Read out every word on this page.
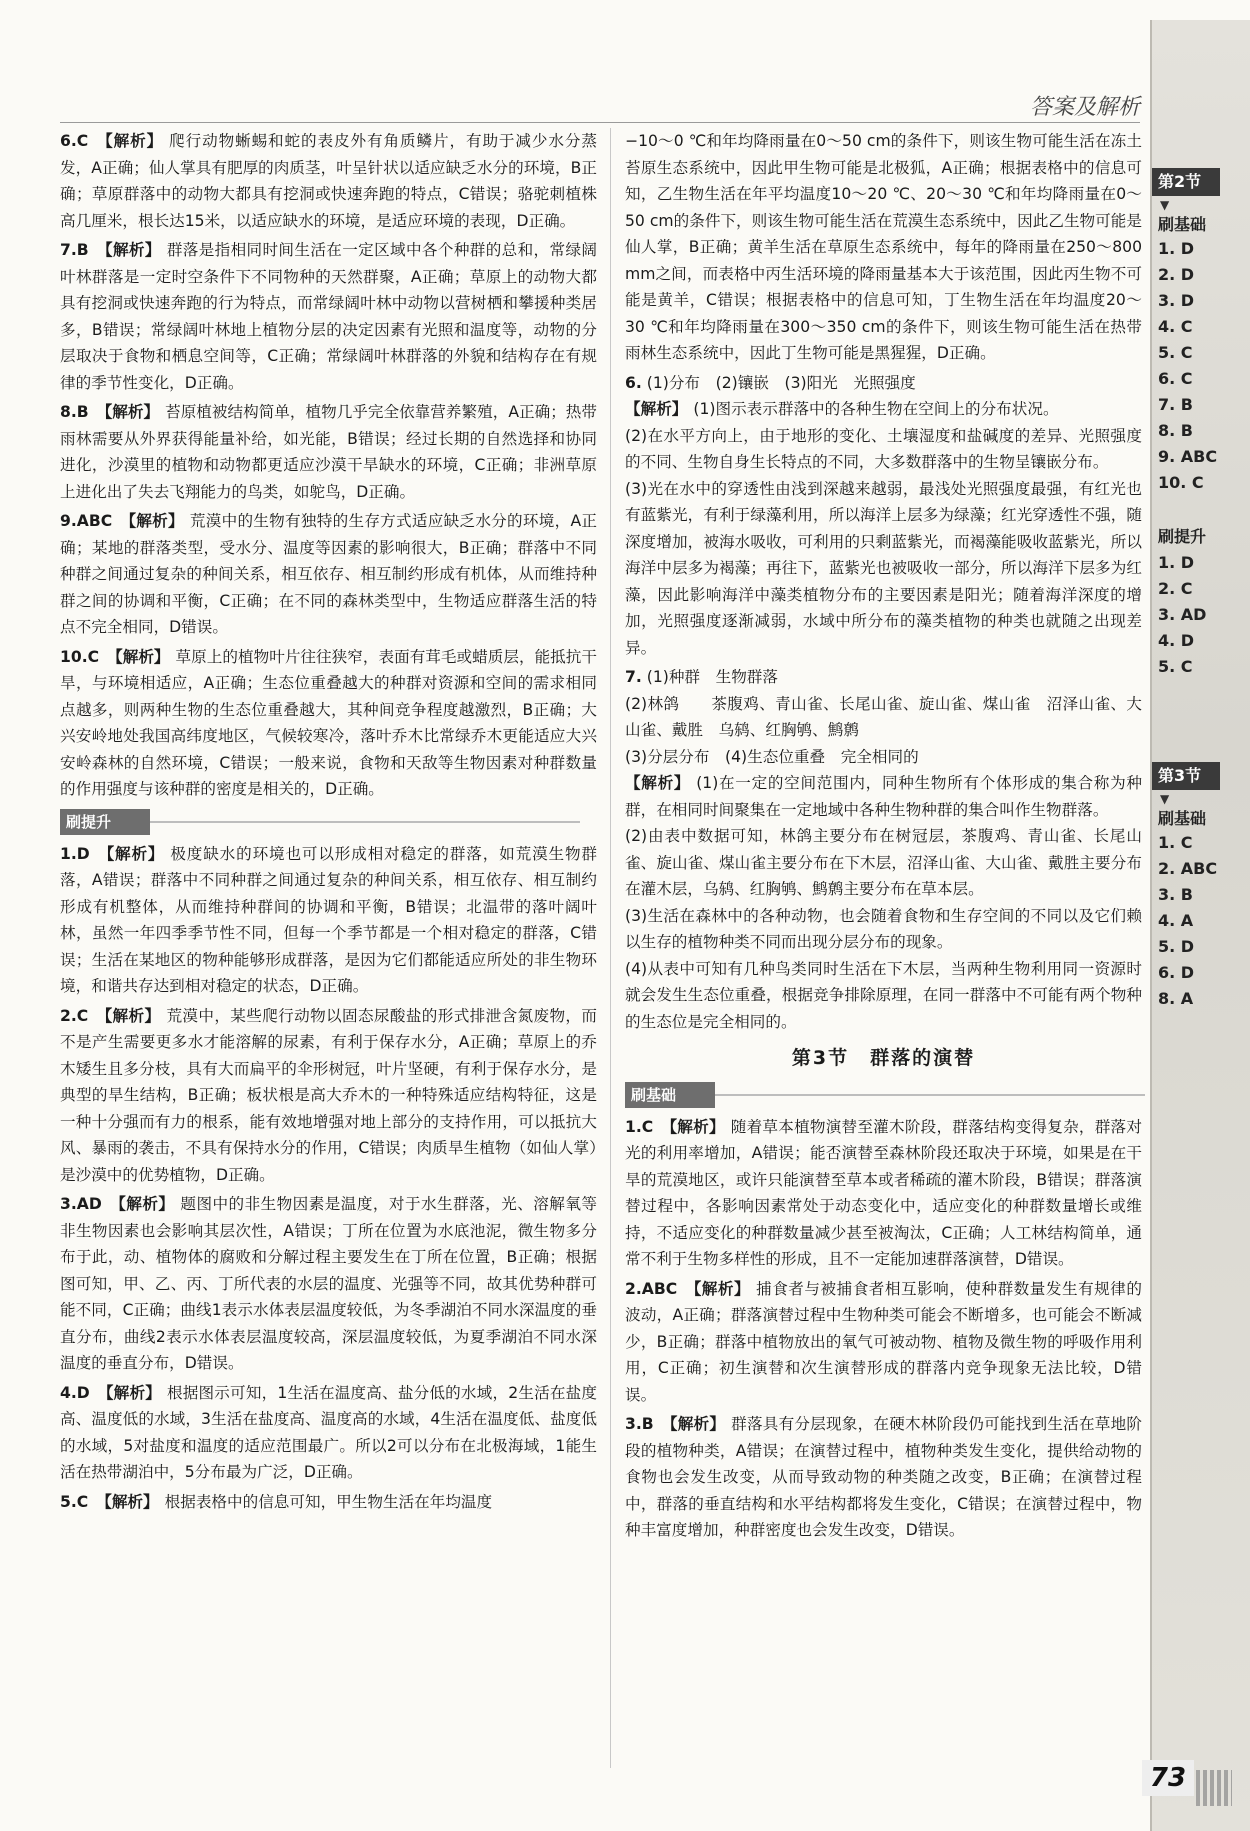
答案及解析
6.C 【解析】 爬行动物蜥蜴和蛇的表皮外有角质鳞片，有助于减少水分蒸发，A正确；仙人掌具有肥厚的肉质茎，叶呈针状以适应缺乏水分的环境，B正确；草原群落中的动物大都具有挖洞或快速奔跑的特点，C错误；骆驼刺植株高几厘米，根长达15米，以适应缺水的环境，是适应环境的表现，D正确。
7.B 【解析】 群落是指相同时间生活在一定区域中各个种群的总和，常绿阔叶林群落是一定时空条件下不同物种的天然群聚，A正确；草原上的动物大都具有挖洞或快速奔跑的行为特点，而常绿阔叶林中动物以营树栖和攀援种类居多，B错误；常绿阔叶林地上植物分层的决定因素有光照和温度等，动物的分层取决于食物和栖息空间等，C正确；常绿阔叶林群落的外貌和结构存在有规律的季节性变化，D正确。
8.B 【解析】 苔原植被结构简单，植物几乎完全依靠营养繁殖，A正确；热带雨林需要从外界获得能量补给，如光能，B错误；经过长期的自然选择和协同进化，沙漠里的植物和动物都更适应沙漠干旱缺水的环境，C正确；非洲草原上进化出了失去飞翔能力的鸟类，如鸵鸟，D正确。
9.ABC 【解析】 荒漠中的生物有独特的生存方式适应缺乏水分的环境，A正确；某地的群落类型，受水分、温度等因素的影响很大，B正确；群落中不同种群之间通过复杂的种间关系，相互依存、相互制约形成有机体，从而维持种群之间的协调和平衡，C正确；在不同的森林类型中，生物适应群落生活的特点不完全相同，D错误。
10.C 【解析】 草原上的植物叶片往往狭窄，表面有茸毛或蜡质层，能抵抗干旱，与环境相适应，A正确；生态位重叠越大的种群对资源和空间的需求相同点越多，则两种生物的生态位重叠越大，其种间竞争程度越激烈，B正确；大兴安岭地处我国高纬度地区，气候较寒冷，落叶乔木比常绿乔木更能适应大兴安岭森林的自然环境，C错误；一般来说，食物和天敌等生物因素对种群数量的作用强度与该种群的密度是相关的，D正确。
刷提升
1.D 【解析】 极度缺水的环境也可以形成相对稳定的群落，如荒漠生物群落，A错误；群落中不同种群之间通过复杂的种间关系，相互依存、相互制约形成有机整体，从而维持种群间的协调和平衡，B错误；北温带的落叶阔叶林，虽然一年四季季节性不同，但每一个季节都是一个相对稳定的群落，C错误；生活在某地区的物种能够形成群落，是因为它们都能适应所处的非生物环境，和谐共存达到相对稳定的状态，D正确。
2.C 【解析】 荒漠中，某些爬行动物以固态尿酸盐的形式排泄含氮废物，而不是产生需要更多水才能溶解的尿素，有利于保存水分，A正确；草原上的乔木矮生且多分枝，具有大而扁平的伞形树冠，叶片坚硬，有利于保存水分，是典型的旱生结构，B正确；板状根是高大乔木的一种特殊适应结构特征，这是一种十分强而有力的根系，能有效地增强对地上部分的支持作用，可以抵抗大风、暴雨的袭击，不具有保持水分的作用，C错误；肉质旱生植物（如仙人掌）是沙漠中的优势植物，D正确。
3.AD 【解析】 题图中的非生物因素是温度，对于水生群落，光、溶解氧等非生物因素也会影响其层次性，A错误；丁所在位置为水底池泥，微生物多分布于此，动、植物体的腐败和分解过程主要发生在丁所在位置，B正确；根据图可知，甲、乙、丙、丁所代表的水层的温度、光强等不同，故其优势种群可能不同，C正确；曲线1表示水体表层温度较低，为冬季湖泊不同水深温度的垂直分布，曲线2表示水体表层温度较高，深层温度较低，为夏季湖泊不同水深温度的垂直分布，D错误。
4.D 【解析】 根据图示可知，1生活在温度高、盐分低的水域，2生活在盐度高、温度低的水域，3生活在盐度高、温度高的水域，4生活在温度低、盐度低的水域，5对盐度和温度的适应范围最广。所以2可以分布在北极海域，1能生活在热带湖泊中，5分布最为广泛，D正确。
5.C 【解析】 根据表格中的信息可知，甲生物生活在年均温度
−10～0 ℃和年均降雨量在0～50 cm的条件下，则该生物可能生活在冻土苔原生态系统中，因此甲生物可能是北极狐，A正确；根据表格中的信息可知，乙生物生活在年平均温度10～20 ℃、20～30 ℃和年均降雨量在0～50 cm的条件下，则该生物可能生活在荒漠生态系统中，因此乙生物可能是仙人掌，B正确；黄羊生活在草原生态系统中，每年的降雨量在250～800 mm之间，而表格中丙生活环境的降雨量基本大于该范围，因此丙生物不可能是黄羊，C错误；根据表格中的信息可知，丁生物生活在年均温度20～30 ℃和年均降雨量在300～350 cm的条件下，则该生物可能生活在热带雨林生态系统中，因此丁生物可能是黑猩猩，D正确。
6. (1)分布　(2)镶嵌　(3)阳光　光照强度
【解析】 (1)图示表示群落中的各种生物在空间上的分布状况。
(2)在水平方向上，由于地形的变化、土壤湿度和盐碱度的差异、光照强度的不同、生物自身生长特点的不同，大多数群落中的生物呈镶嵌分布。
(3)光在水中的穿透性由浅到深越来越弱，最浅处光照强度最强，有红光也有蓝紫光，有利于绿藻利用，所以海洋上层多为绿藻；红光穿透性不强，随深度增加，被海水吸收，可利用的只剩蓝紫光，而褐藻能吸收蓝紫光，所以海洋中层多为褐藻；再往下，蓝紫光也被吸收一部分，所以海洋下层多为红藻，因此影响海洋中藻类植物分布的主要因素是阳光；随着海洋深度的增加，光照强度逐渐减弱，水域中所分布的藻类植物的种类也就随之出现差异。
7. (1)种群　生物群落
(2)林鸽　　茶腹鸡、青山雀、长尾山雀、旋山雀、煤山雀　沼泽山雀、大山雀、戴胜　乌鸫、红胸鸲、鹪鹩
(3)分层分布　(4)生态位重叠　完全相同的
【解析】 (1)在一定的空间范围内，同种生物所有个体形成的集合称为种群，在相同时间聚集在一定地域中各种生物种群的集合叫作生物群落。
(2)由表中数据可知，林鸽主要分布在树冠层，茶腹鸡、青山雀、长尾山雀、旋山雀、煤山雀主要分布在下木层，沼泽山雀、大山雀、戴胜主要分布在灌木层，乌鸫、红胸鸲、鹪鹩主要分布在草本层。
(3)生活在森林中的各种动物，也会随着食物和生存空间的不同以及它们赖以生存的植物种类不同而出现分层分布的现象。
(4)从表中可知有几种鸟类同时生活在下木层，当两种生物利用同一资源时就会发生生态位重叠，根据竞争排除原理，在同一群落中不可能有两个物种的生态位是完全相同的。
第3节　群落的演替
刷基础
1.C 【解析】 随着草本植物演替至灌木阶段，群落结构变得复杂，群落对光的利用率增加，A错误；能否演替至森林阶段还取决于环境，如果是在干旱的荒漠地区，或许只能演替至草本或者稀疏的灌木阶段，B错误；群落演替过程中，各影响因素常处于动态变化中，适应变化的种群数量增长或维持，不适应变化的种群数量减少甚至被淘汰，C正确；人工林结构简单，通常不利于生物多样性的形成，且不一定能加速群落演替，D错误。
2.ABC 【解析】 捕食者与被捕食者相互影响，使种群数量发生有规律的波动，A正确；群落演替过程中生物种类可能会不断增多，也可能会不断减少，B正确；群落中植物放出的氧气可被动物、植物及微生物的呼吸作用利用，C正确；初生演替和次生演替形成的群落内竞争现象无法比较，D错误。
3.B 【解析】 群落具有分层现象，在硬木林阶段仍可能找到生活在草地阶段的植物种类，A错误；在演替过程中，植物种类发生变化，提供给动物的食物也会发生改变，从而导致动物的种类随之改变，B正确；在演替过程中，群落的垂直结构和水平结构都将发生变化，C错误；在演替过程中，物种丰富度增加，种群密度也会发生改变，D错误。
第2节
▼
刷基础
1. D
2. D
3. D
4. C
5. C
6. C
7. B
8. B
9. ABC
10. C
刷提升
1. D
2. C
3. AD
4. D
5. C
第3节
▼
刷基础
1. C
2. ABC
3. B
4. A
5. D
6. D
8. A
73
